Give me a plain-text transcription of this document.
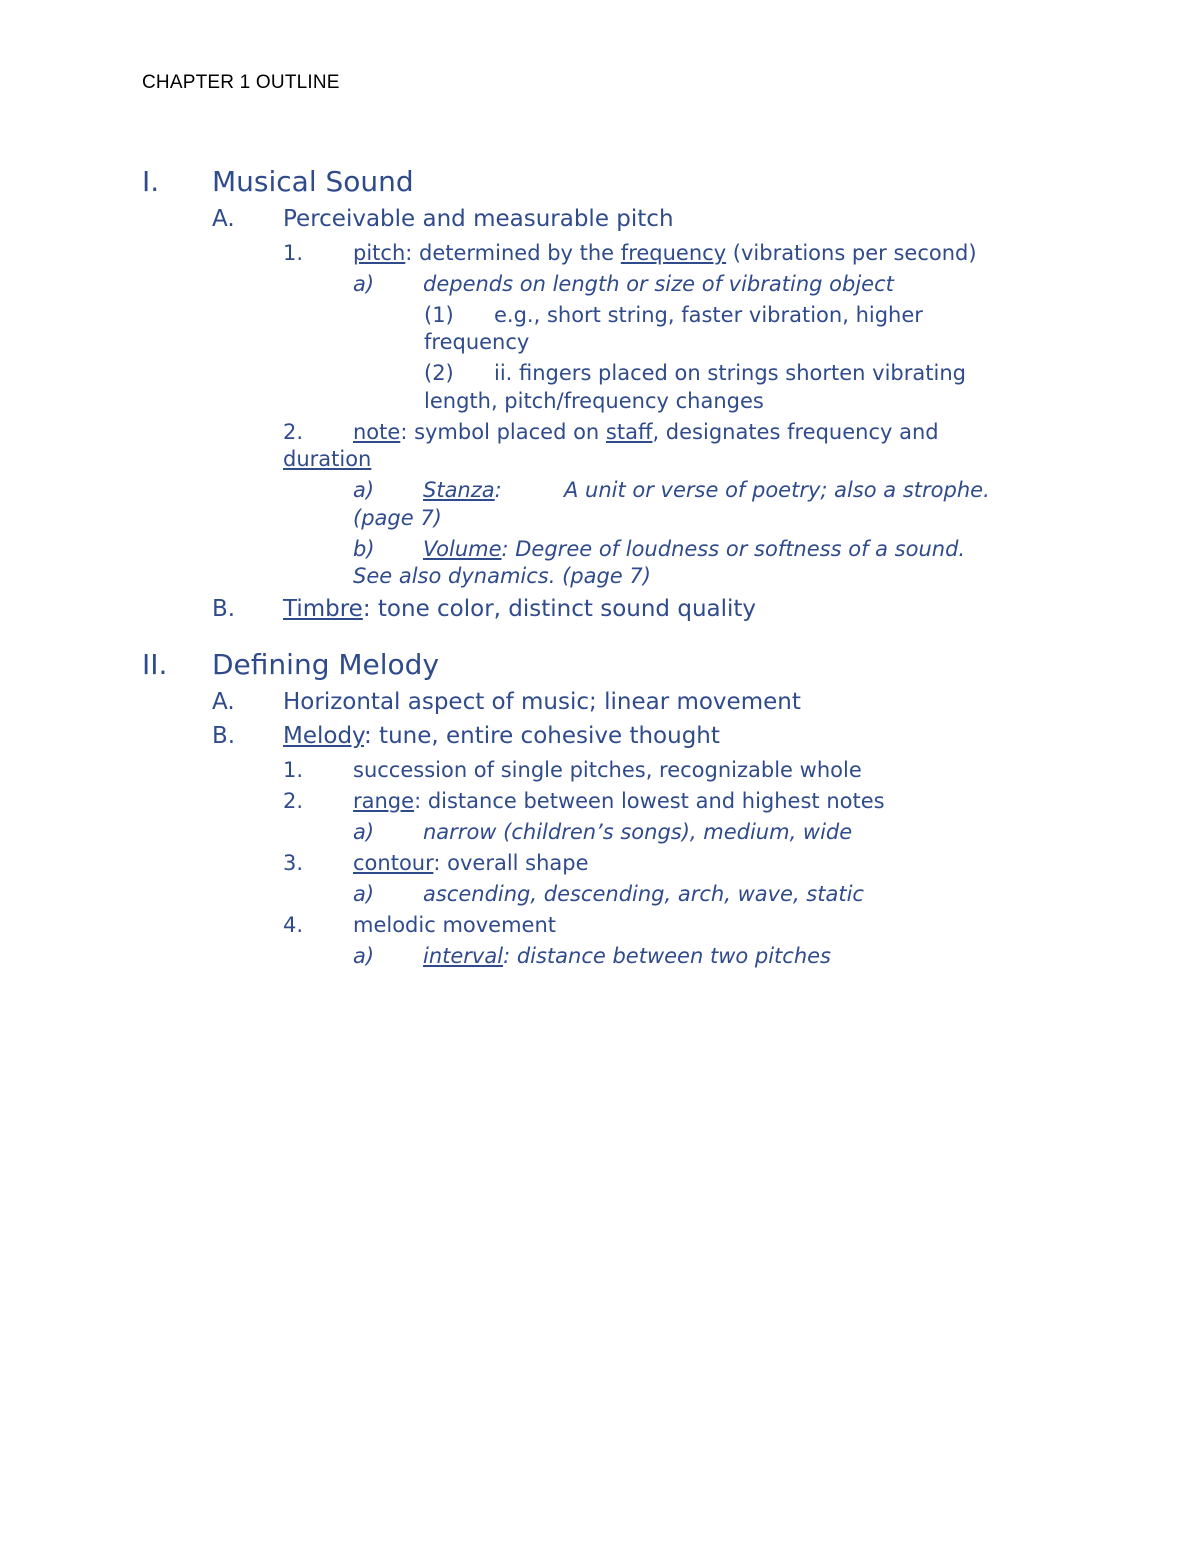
CHAPTER 1 OUTLINE
I. Musical Sound
A. Perceivable and measurable pitch
1. pitch: determined by the frequency (vibrations per second)
a) depends on length or size of vibrating object
(1) e.g., short string, faster vibration, higher
frequency
(2) ii. fingers placed on strings shorten vibrating
length, pitch/frequency changes
2. note: symbol placed on staff, designates frequency and
duration
a) Stanza:	A unit or verse of poetry; also a strophe.
(page 7)
b) Volume: Degree of loudness or softness of a sound.
See also dynamics. (page 7)
B. Timbre: tone color, distinct sound quality
II. Defining Melody
A. Horizontal aspect of music; linear movement
B. Melody: tune, entire cohesive thought
1. succession of single pitches, recognizable whole
2. range: distance between lowest and highest notes
a) narrow (children’s songs), medium, wide
3. contour: overall shape
a) ascending, descending, arch, wave, static
4. melodic movement
a) interval: distance between two pitches
